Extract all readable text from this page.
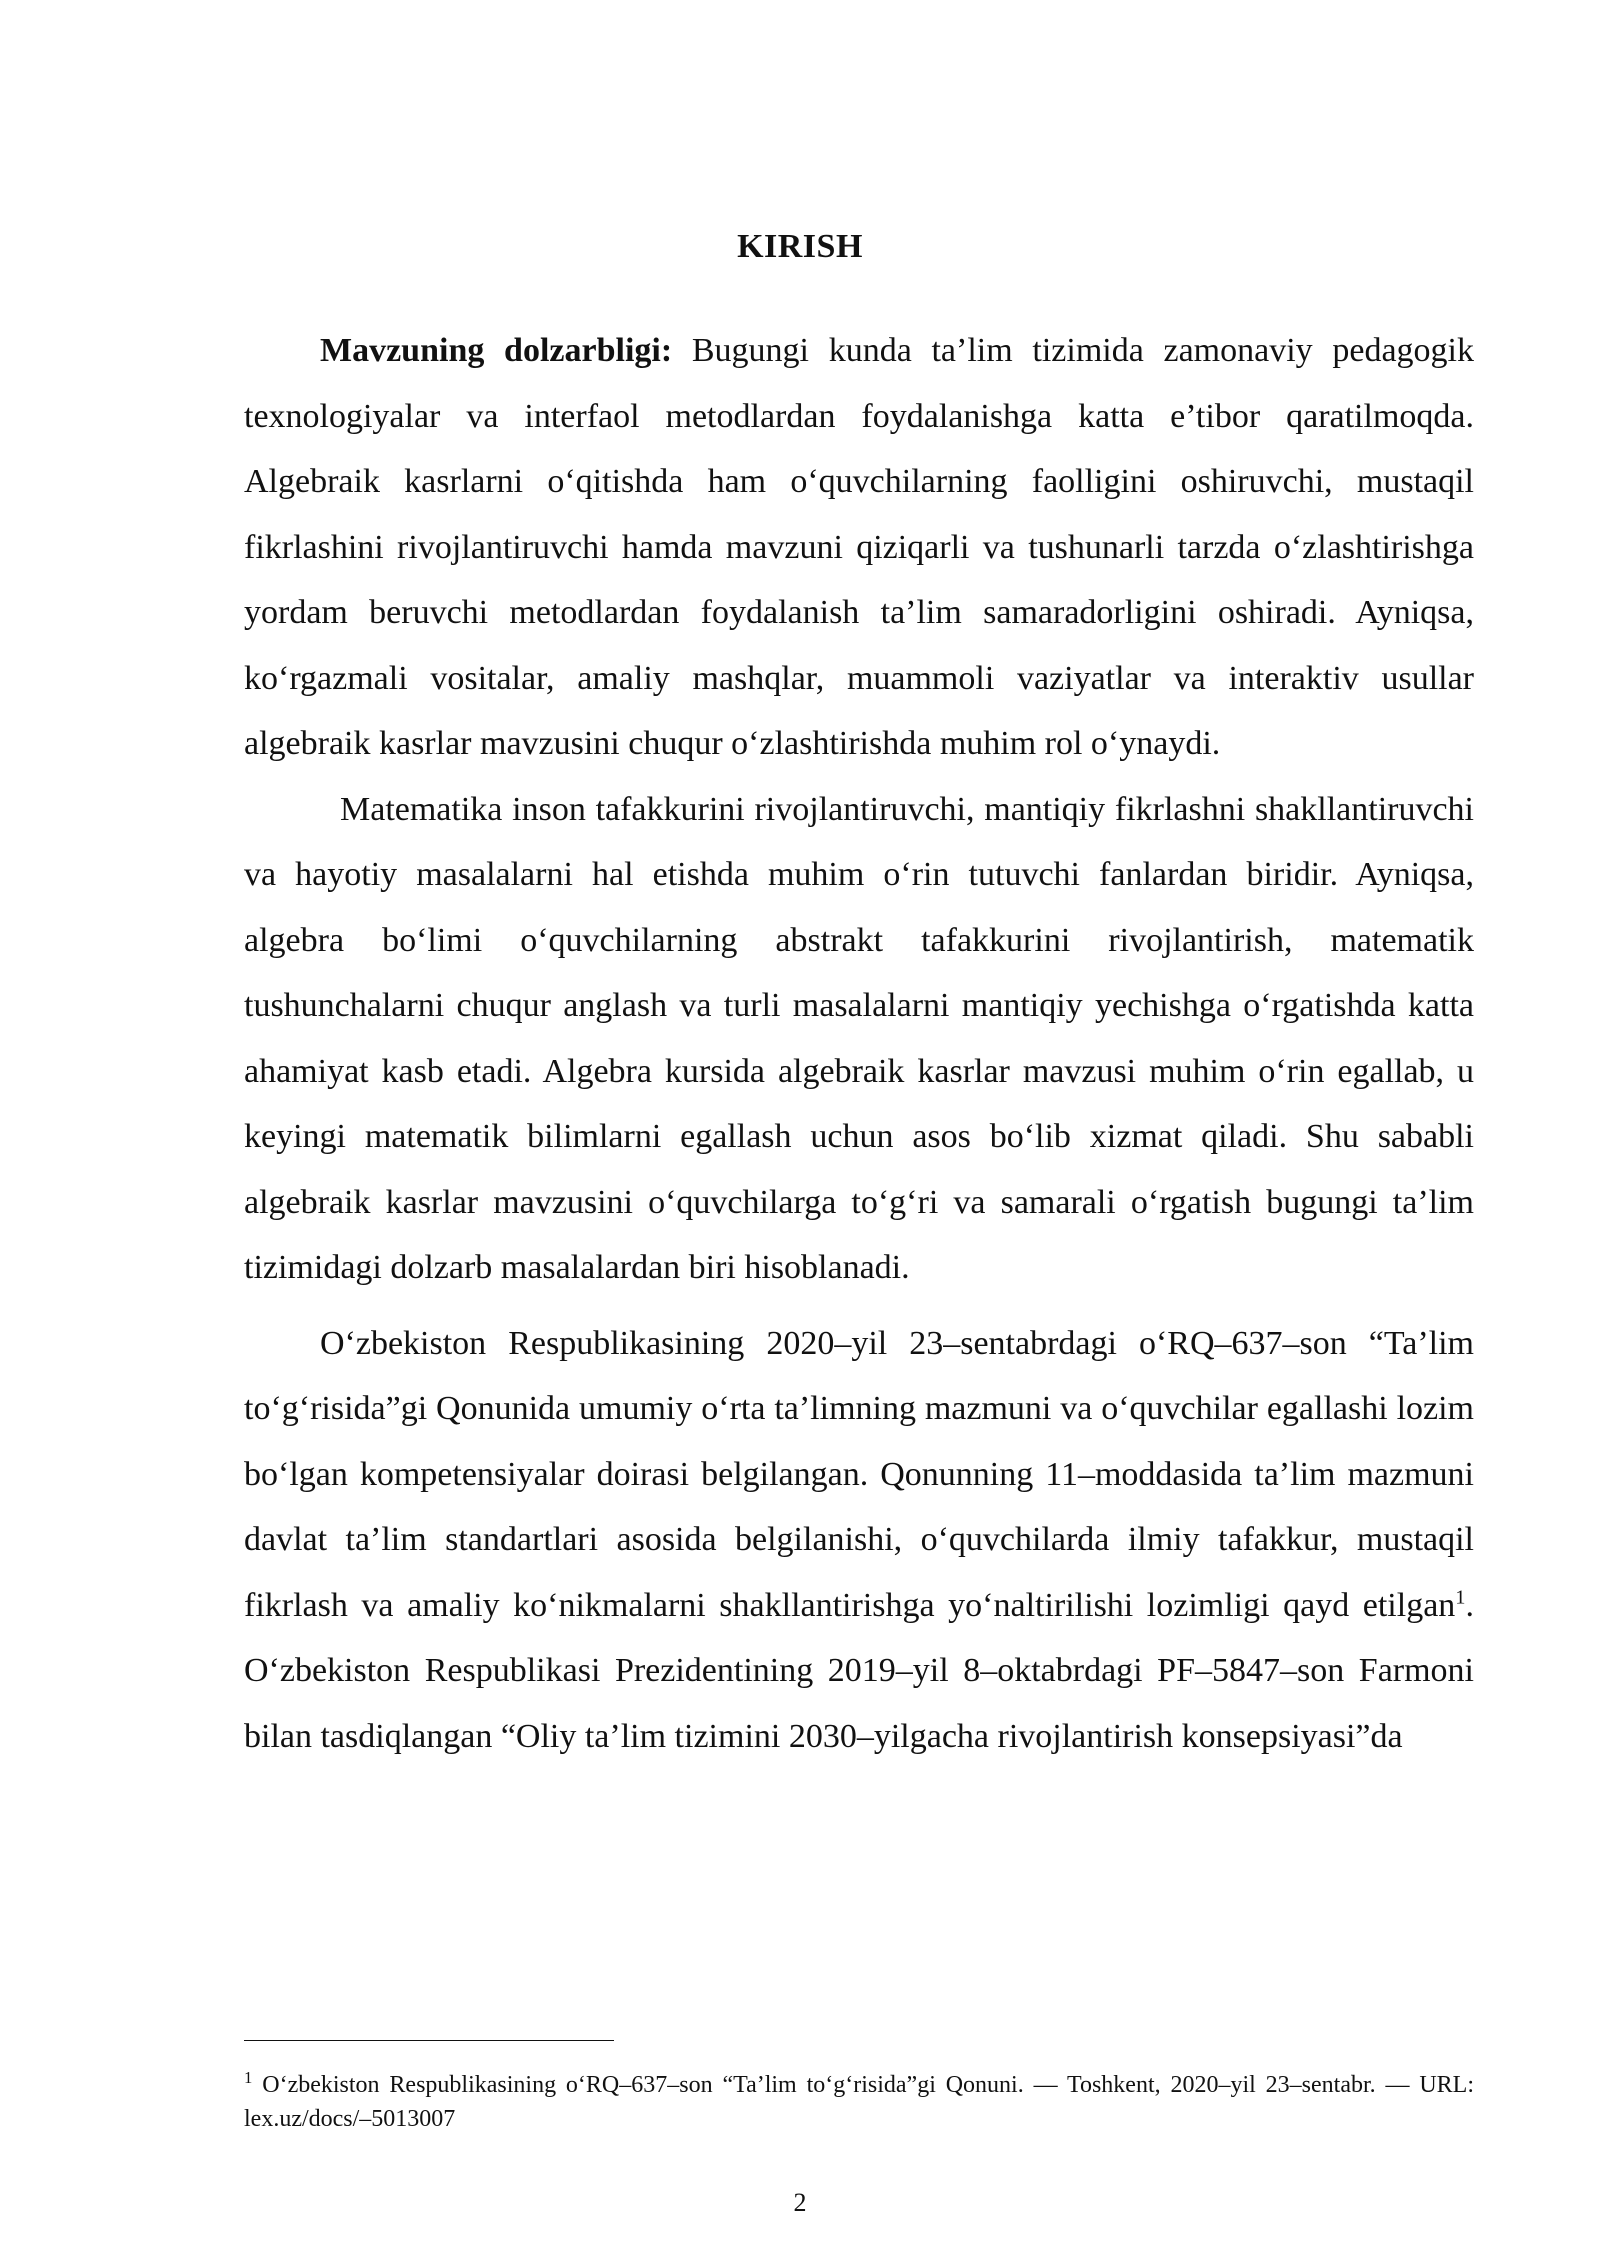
KIRISH

Mavzuning dolzarbligi: Bugungi kunda ta’lim tizimida zamonaviy pedagogik texnologiyalar va interfaol metodlardan foydalanishga katta e’tibor qaratilmoqda. Algebraik kasrlarni o‘qitishda ham o‘quvchilarning faolligini oshiruvchi, mustaqil fikrlashini rivojlantiruvchi hamda mavzuni qiziqarli va tushunarli tarzda o‘zlashtirishga yordam beruvchi metodlardan foydalanish ta’lim samaradorligini oshiradi. Ayniqsa, ko‘rgazmali vositalar, amaliy mashqlar, muammoli vaziyatlar va interaktiv usullar algebraik kasrlar mavzusini chuqur o‘zlashtirishda muhim rol o‘ynaydi.

Matematika inson tafakkurini rivojlantiruvchi, mantiqiy fikrlashni shakllantiruvchi va hayotiy masalalarni hal etishda muhim o‘rin tutuvchi fanlardan biridir. Ayniqsa, algebra bo‘limi o‘quvchilarning abstrakt tafakkurini rivojlantirish, matematik tushunchalarni chuqur anglash va turli masalalarni mantiqiy yechishga o‘rgatishda katta ahamiyat kasb etadi. Algebra kursida algebraik kasrlar mavzusi muhim o‘rin egallab, u keyingi matematik bilimlarni egallash uchun asos bo‘lib xizmat qiladi. Shu sababli algebraik kasrlar mavzusini o‘quvchilarga to‘g‘ri va samarali o‘rgatish bugungi ta’lim tizimidagi dolzarb masalalardan biri hisoblanadi.

O‘zbekiston Respublikasining 2020–yil 23–sentabrdagi o‘RQ–637–son “Ta’lim to‘g‘risida”gi Qonunida umumiy o‘rta ta’limning mazmuni va o‘quvchilar egallashi lozim bo‘lgan kompetensiyalar doirasi belgilangan. Qonunning 11–moddasida ta’lim mazmuni davlat ta’lim standartlari asosida belgilanishi, o‘quvchilarda ilmiy tafakkur, mustaqil fikrlash va amaliy ko‘nikmalarni shakllantirishga yo‘naltirilishi lozimligi qayd etilgan$^1$. O‘zbekiston Respublikasi Prezidentining 2019–yil 8–oktabrdagi PF–5847–son Farmoni bilan tasdiqlangan “Oliy ta’lim tizimini 2030–yilgacha rivojlantirish konsepsiyasi”da

$^1$ O‘zbekiston Respublikasining o‘RQ–637–son “Ta’lim to‘g‘risida”gi Qonuni. — Toshkent, 2020–yil 23–sentabr. — URL: lex.uz/docs/–5013007
2
